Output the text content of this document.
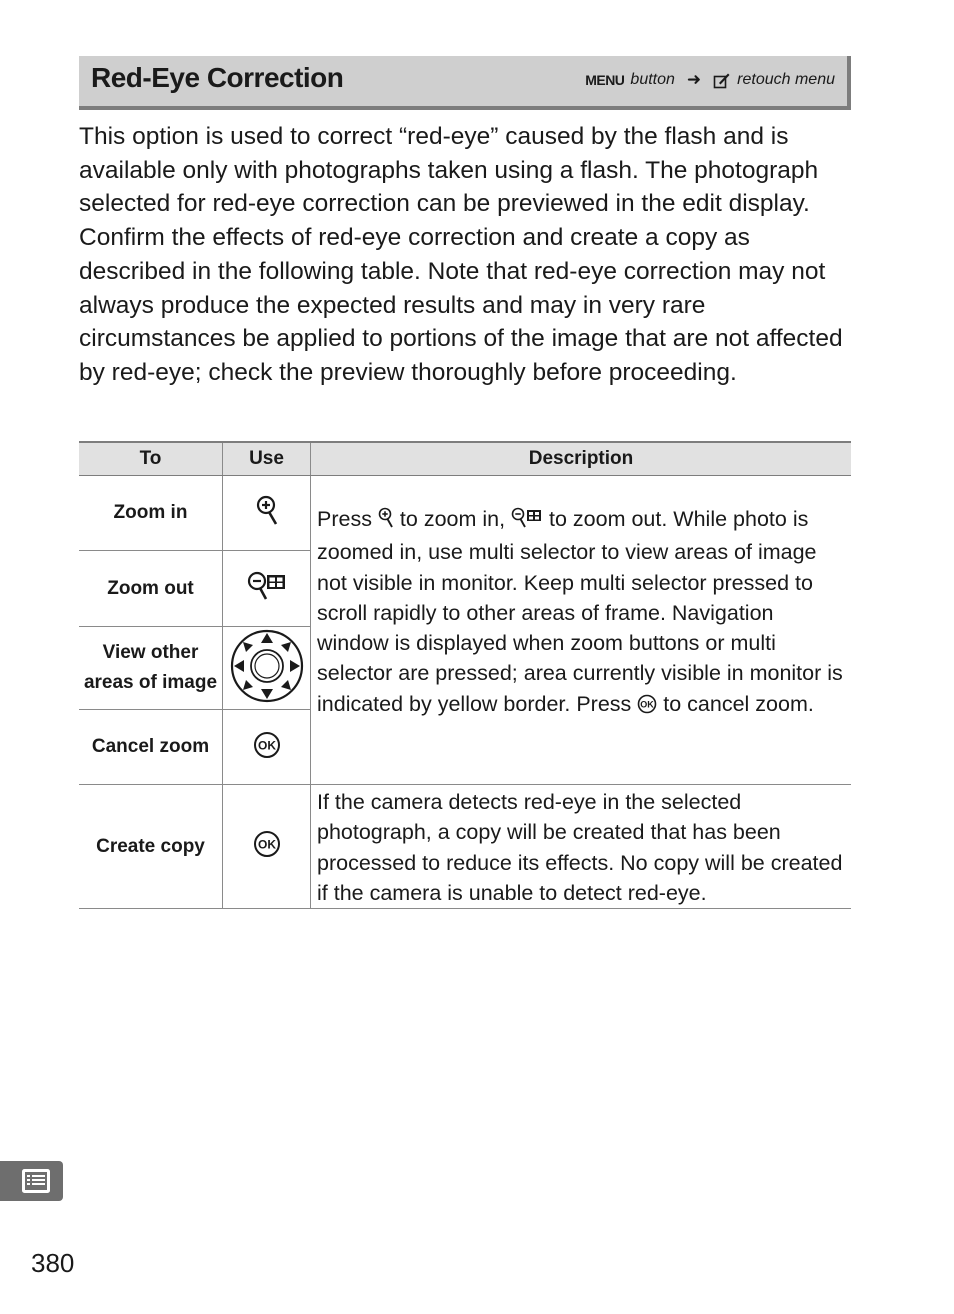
Red-Eye Correction	MENU button ➜ retouch menu

This option is used to correct “red-eye” caused by the flash and is available only with photographs taken using a flash. The photograph selected for red-eye correction can be previewed in the edit display. Confirm the effects of red-eye correction and create a copy as described in the following table. Note that red-eye correction may not always produce the expected results and may in very rare circumstances be applied to portions of the image that are not affected by red-eye; check the preview thoroughly before proceeding.

To	Use	Description
Zoom in		Press  to zoom in,  to zoom out. While photo is zoomed in, use multi selector to view areas of image not visible in monitor. Keep multi selector pressed to scroll rapidly to other areas of frame. Navigation window is displayed when zoom buttons or multi selector are pressed; area currently visible in monitor is indicated by yellow border. Press OK to cancel zoom.
Zoom out	
View other areas of image	
Cancel zoom	OK	

Create copy	OK	If the camera detects red-eye in the selected photograph, a copy will be created that has been processed to reduce its effects. No copy will be created if the camera is unable to detect red-eye.
380
